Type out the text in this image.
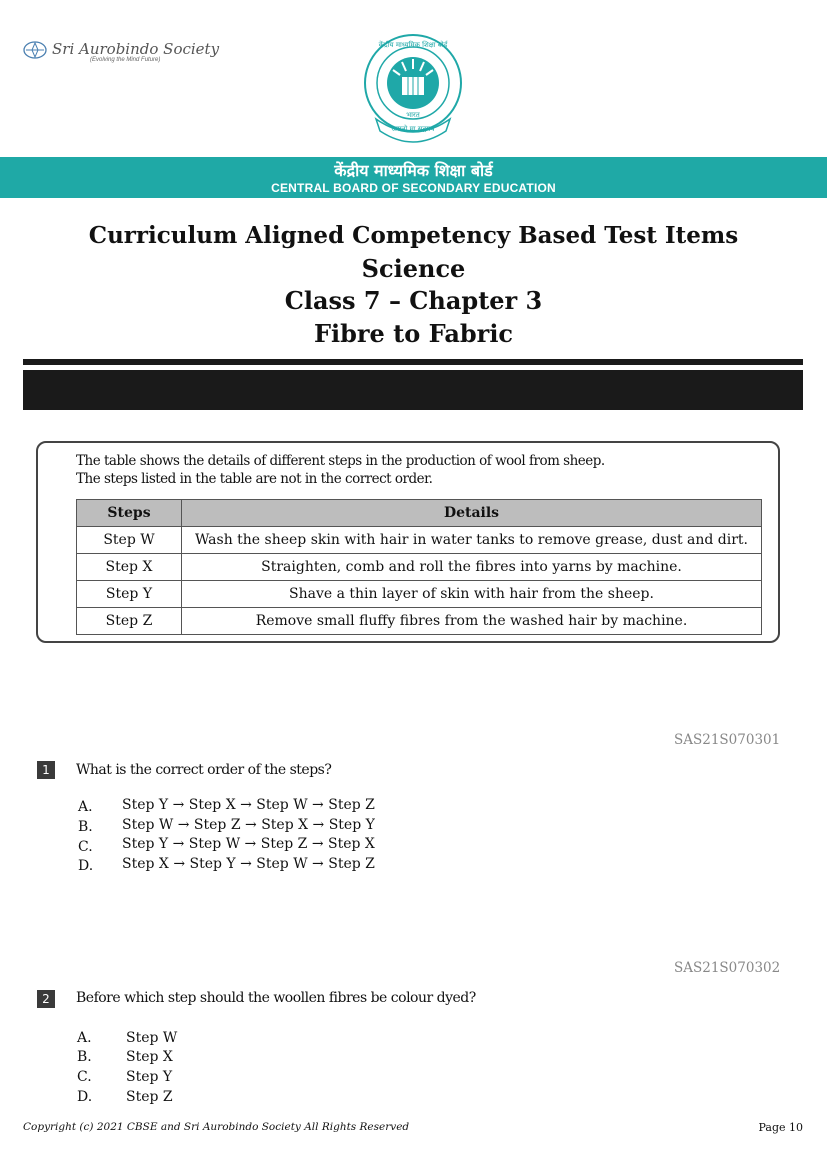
Sri Aurobindo Society
(Evolving the Mind Future)
केंद्रीय माध्यमिक शिक्षा बोर्ड
भारत
असतो मा सद्गमय
केंद्रीय माध्यमिक शिक्षा बोर्ड
CENTRAL BOARD OF SECONDARY EDUCATION
Curriculum Aligned Competency Based Test Items
Science
Class 7 – Chapter 3
Fibre to Fabric
The table shows the details of different steps in the production of wool from sheep.
The steps listed in the table are not in the correct order.
Steps	Details
Step W	Wash the sheep skin with hair in water tanks to remove grease, dust and dirt.
Step X	Straighten, comb and roll the fibres into yarns by machine.
Step Y	Shave a thin layer of skin with hair from the sheep.
Step Z	Remove small fluffy fibres from the washed hair by machine.
SAS21S070301
1	What is the correct order of the steps?
A.	Step Y → Step X → Step W → Step Z
B.	Step W → Step Z → Step X → Step Y
C.	Step Y → Step W → Step Z → Step X
D.	Step X → Step Y → Step W → Step Z
SAS21S070302
2	Before which step should the woollen fibres be colour dyed?
A.	Step W
B.	Step X
C.	Step Y
D.	Step Z
Copyright (c) 2021 CBSE and Sri Aurobindo Society All Rights Reserved	Page 10
